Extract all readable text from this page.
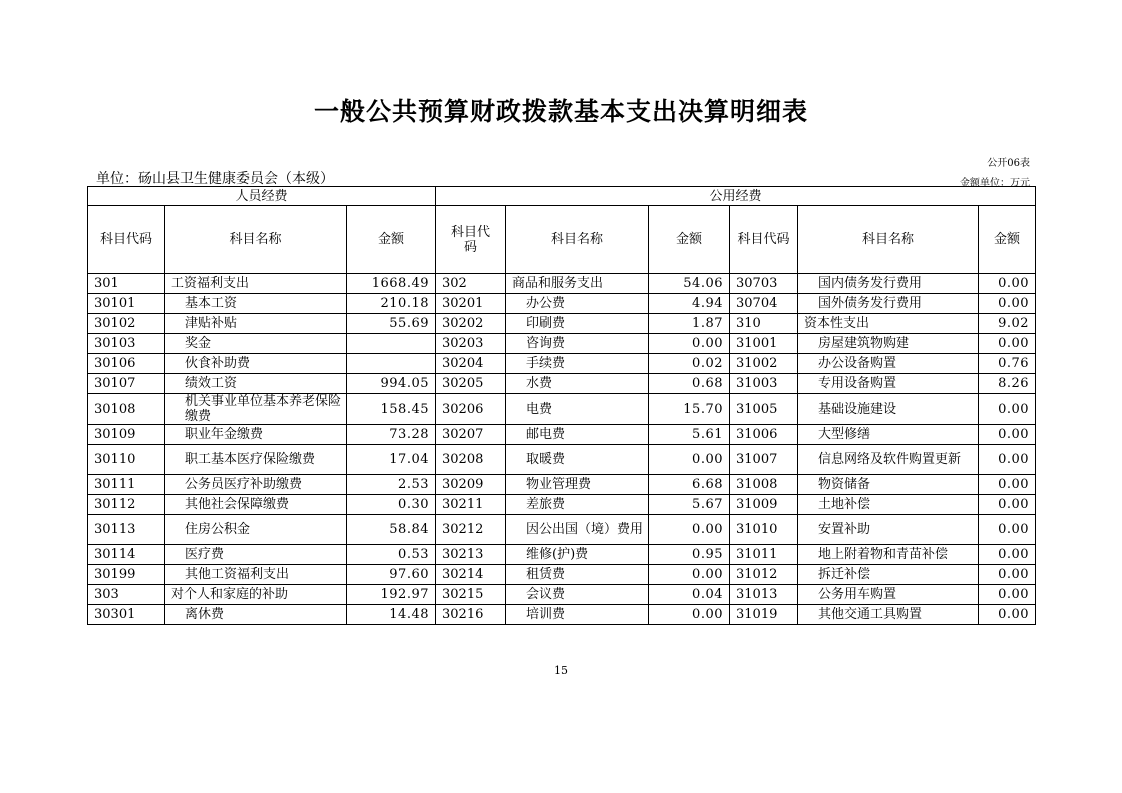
一般公共预算财政拨款基本支出决算明细表
公开06表
单位：砀山县卫生健康委员会（本级）	金额单位：万元
人员经费			公用经费					
科目代码	科目名称	金额	科目代码	科目名称	金额	科目代码	科目名称	金额
301	工资福利支出	1668.49	302	商品和服务支出	54.06	30703	国内债务发行费用	0.00
30101	基本工资	210.18	30201	办公费	4.94	30704	国外债务发行费用	0.00
30102	津贴补贴	55.69	30202	印刷费	1.87	310	资本性支出	9.02
30103	奖金		30203	咨询费	0.00	31001	房屋建筑物购建	0.00
30106	伙食补助费		30204	手续费	0.02	31002	办公设备购置	0.76
30107	绩效工资	994.05	30205	水费	0.68	31003	专用设备购置	8.26
30108	机关事业单位基本养老保险缴费	158.45	30206	电费	15.70	31005	基础设施建设	0.00
30109	职业年金缴费	73.28	30207	邮电费	5.61	31006	大型修缮	0.00
30110	职工基本医疗保险缴费	17.04	30208	取暖费	0.00	31007	信息网络及软件购置更新	0.00
30111	公务员医疗补助缴费	2.53	30209	物业管理费	6.68	31008	物资储备	0.00
30112	其他社会保障缴费	0.30	30211	差旅费	5.67	31009	土地补偿	0.00
30113	住房公积金	58.84	30212	因公出国（境）费用	0.00	31010	安置补助	0.00
30114	医疗费	0.53	30213	维修(护)费	0.95	31011	地上附着物和青苗补偿	0.00
30199	其他工资福利支出	97.60	30214	租赁费	0.00	31012	拆迁补偿	0.00
303	对个人和家庭的补助	192.97	30215	会议费	0.04	31013	公务用车购置	0.00
30301	离休费	14.48	30216	培训费	0.00	31019	其他交通工具购置	0.00
15
